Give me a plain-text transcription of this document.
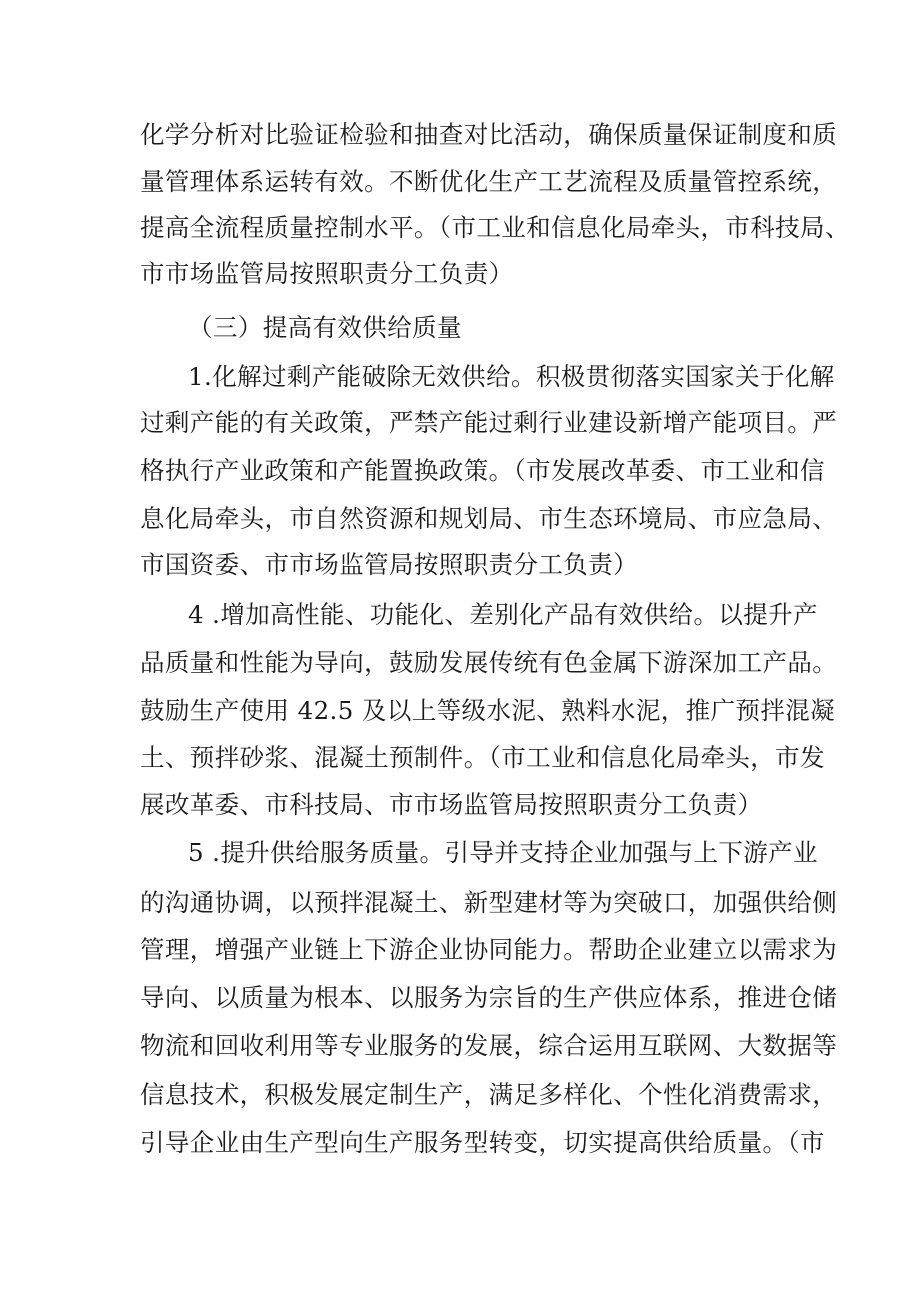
化学分析对比验证检验和抽查对比活动，确保质量保证制度和质
量管理体系运转有效。不断优化生产工艺流程及质量管控系统，
提高全流程质量控制水平。（市工业和信息化局牵头，市科技局、
市市场监管局按照职责分工负责）
（三）提高有效供给质量
1.化解过剩产能破除无效供给。积极贯彻落实国家关于化解
过剩产能的有关政策，严禁产能过剩行业建设新增产能项目。严
格执行产业政策和产能置换政策。（市发展改革委、市工业和信
息化局牵头，市自然资源和规划局、市生态环境局、市应急局、
市国资委、市市场监管局按照职责分工负责）
4 .增加高性能、功能化、差别化产品有效供给。以提升产
品质量和性能为导向，鼓励发展传统有色金属下游深加工产品。
鼓励生产使用 42.5 及以上等级水泥、熟料水泥，推广预拌混凝
土、预拌砂浆、混凝土预制件。（市工业和信息化局牵头，市发
展改革委、市科技局、市市场监管局按照职责分工负责）
5 .提升供给服务质量。引导并支持企业加强与上下游产业
的沟通协调，以预拌混凝土、新型建材等为突破口，加强供给侧
管理，增强产业链上下游企业协同能力。帮助企业建立以需求为
导向、以质量为根本、以服务为宗旨的生产供应体系，推进仓储
物流和回收利用等专业服务的发展，综合运用互联网、大数据等
信息技术，积极发展定制生产，满足多样化、个性化消费需求，
引导企业由生产型向生产服务型转变，切实提高供给质量。（市
